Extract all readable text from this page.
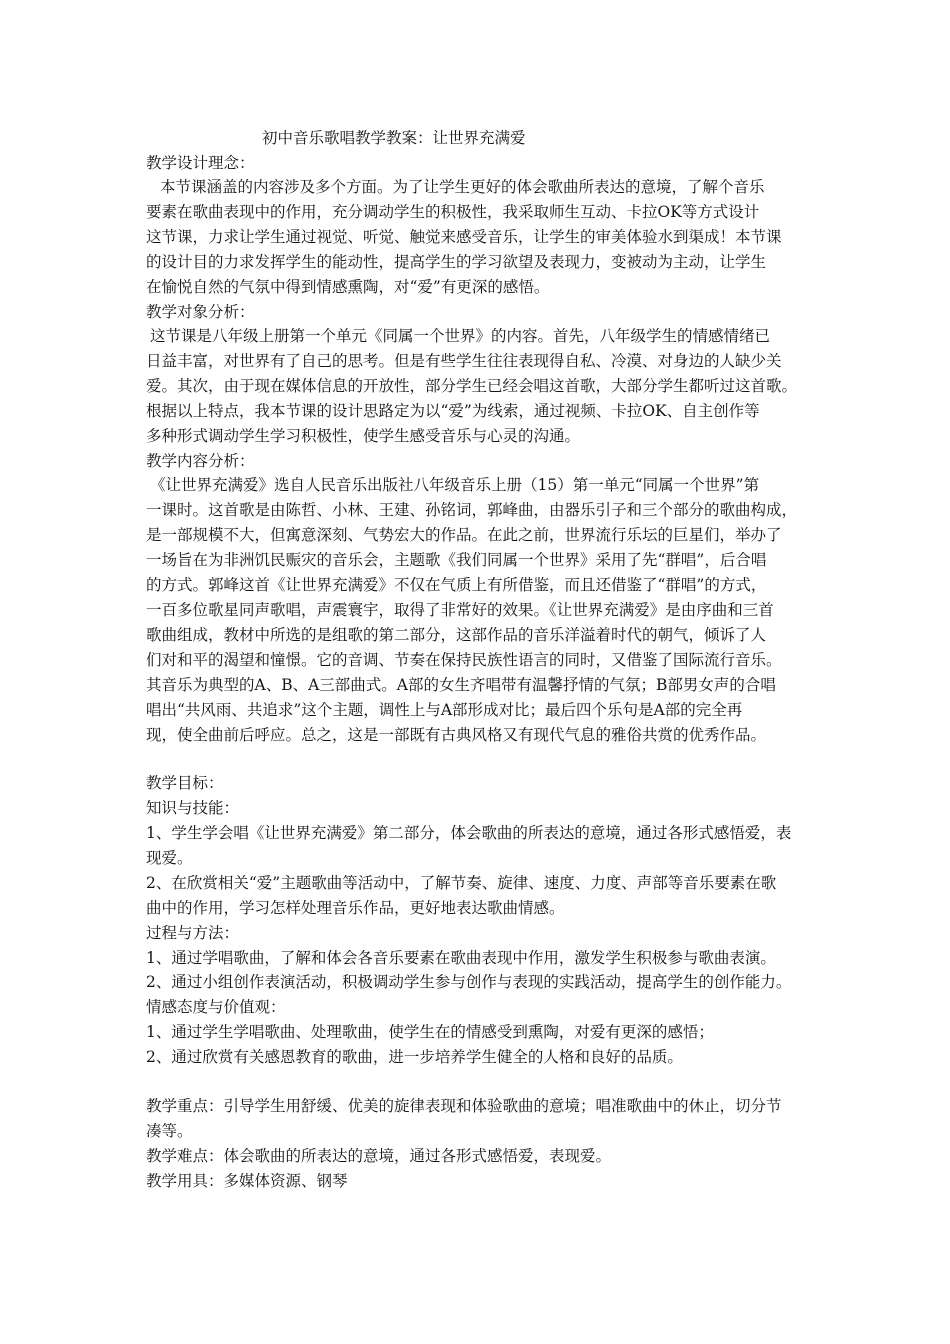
初中音乐歌唱教学教案：让世界充满爱
教学设计理念：
本节课涵盖的内容涉及多个方面。为了让学生更好的体会歌曲所表达的意境，了解个音乐
要素在歌曲表现中的作用，充分调动学生的积极性，我采取师生互动、卡拉OK等方式设计
这节课，力求让学生通过视觉、听觉、触觉来感受音乐，让学生的审美体验水到渠成！本节课
的设计目的力求发挥学生的能动性，提高学生的学习欲望及表现力，变被动为主动，让学生
在愉悦自然的气氛中得到情感熏陶，对“爱”有更深的感悟。
教学对象分析：
这节课是八年级上册第一个单元《同属一个世界》的内容。首先，八年级学生的情感情绪已
日益丰富，对世界有了自己的思考。但是有些学生往往表现得自私、冷漠、对身边的人缺少关
爱。其次，由于现在媒体信息的开放性，部分学生已经会唱这首歌，大部分学生都听过这首歌。
根据以上特点，我本节课的设计思路定为以“爱”为线索，通过视频、卡拉OK、自主创作等
多种形式调动学生学习积极性，使学生感受音乐与心灵的沟通。
教学内容分析：
《让世界充满爱》选自人民音乐出版社八年级音乐上册（15）第一单元“同属一个世界”第
一课时。这首歌是由陈哲、小林、王建、孙铭词，郭峰曲，由器乐引子和三个部分的歌曲构成，
是一部规模不大，但寓意深刻、气势宏大的作品。在此之前，世界流行乐坛的巨星们，举办了
一场旨在为非洲饥民赈灾的音乐会，主题歌《我们同属一个世界》采用了先“群唱”，后合唱
的方式。郭峰这首《让世界充满爱》不仅在气质上有所借鉴，而且还借鉴了“群唱”的方式，
一百多位歌星同声歌唱，声震寰宇，取得了非常好的效果。《让世界充满爱》是由序曲和三首
歌曲组成，教材中所选的是组歌的第二部分，这部作品的音乐洋溢着时代的朝气，倾诉了人
们对和平的渴望和憧憬。它的音调、节奏在保持民族性语言的同时，又借鉴了国际流行音乐。
其音乐为典型的A、B、A三部曲式。A部的女生齐唱带有温馨抒情的气氛；B部男女声的合唱
唱出“共风雨、共追求”这个主题，调性上与A部形成对比；最后四个乐句是A部的完全再
现，使全曲前后呼应。总之，这是一部既有古典风格又有现代气息的雅俗共赏的优秀作品。
教学目标：
知识与技能：
1、学生学会唱《让世界充满爱》第二部分，体会歌曲的所表达的意境，通过各形式感悟爱，表
现爱。
2、在欣赏相关“爱”主题歌曲等活动中，了解节奏、旋律、速度、力度、声部等音乐要素在歌
曲中的作用，学习怎样处理音乐作品，更好地表达歌曲情感。
过程与方法：
1、通过学唱歌曲，了解和体会各音乐要素在歌曲表现中作用，激发学生积极参与歌曲表演。
2、通过小组创作表演活动，积极调动学生参与创作与表现的实践活动，提高学生的创作能力。
情感态度与价值观：
1、通过学生学唱歌曲、处理歌曲，使学生在的情感受到熏陶，对爱有更深的感悟；
2、通过欣赏有关感恩教育的歌曲，进一步培养学生健全的人格和良好的品质。
教学重点：引导学生用舒缓、优美的旋律表现和体验歌曲的意境；唱准歌曲中的休止，切分节
凑等。
教学难点：体会歌曲的所表达的意境，通过各形式感悟爱，表现爱。
教学用具：多媒体资源、钢琴
